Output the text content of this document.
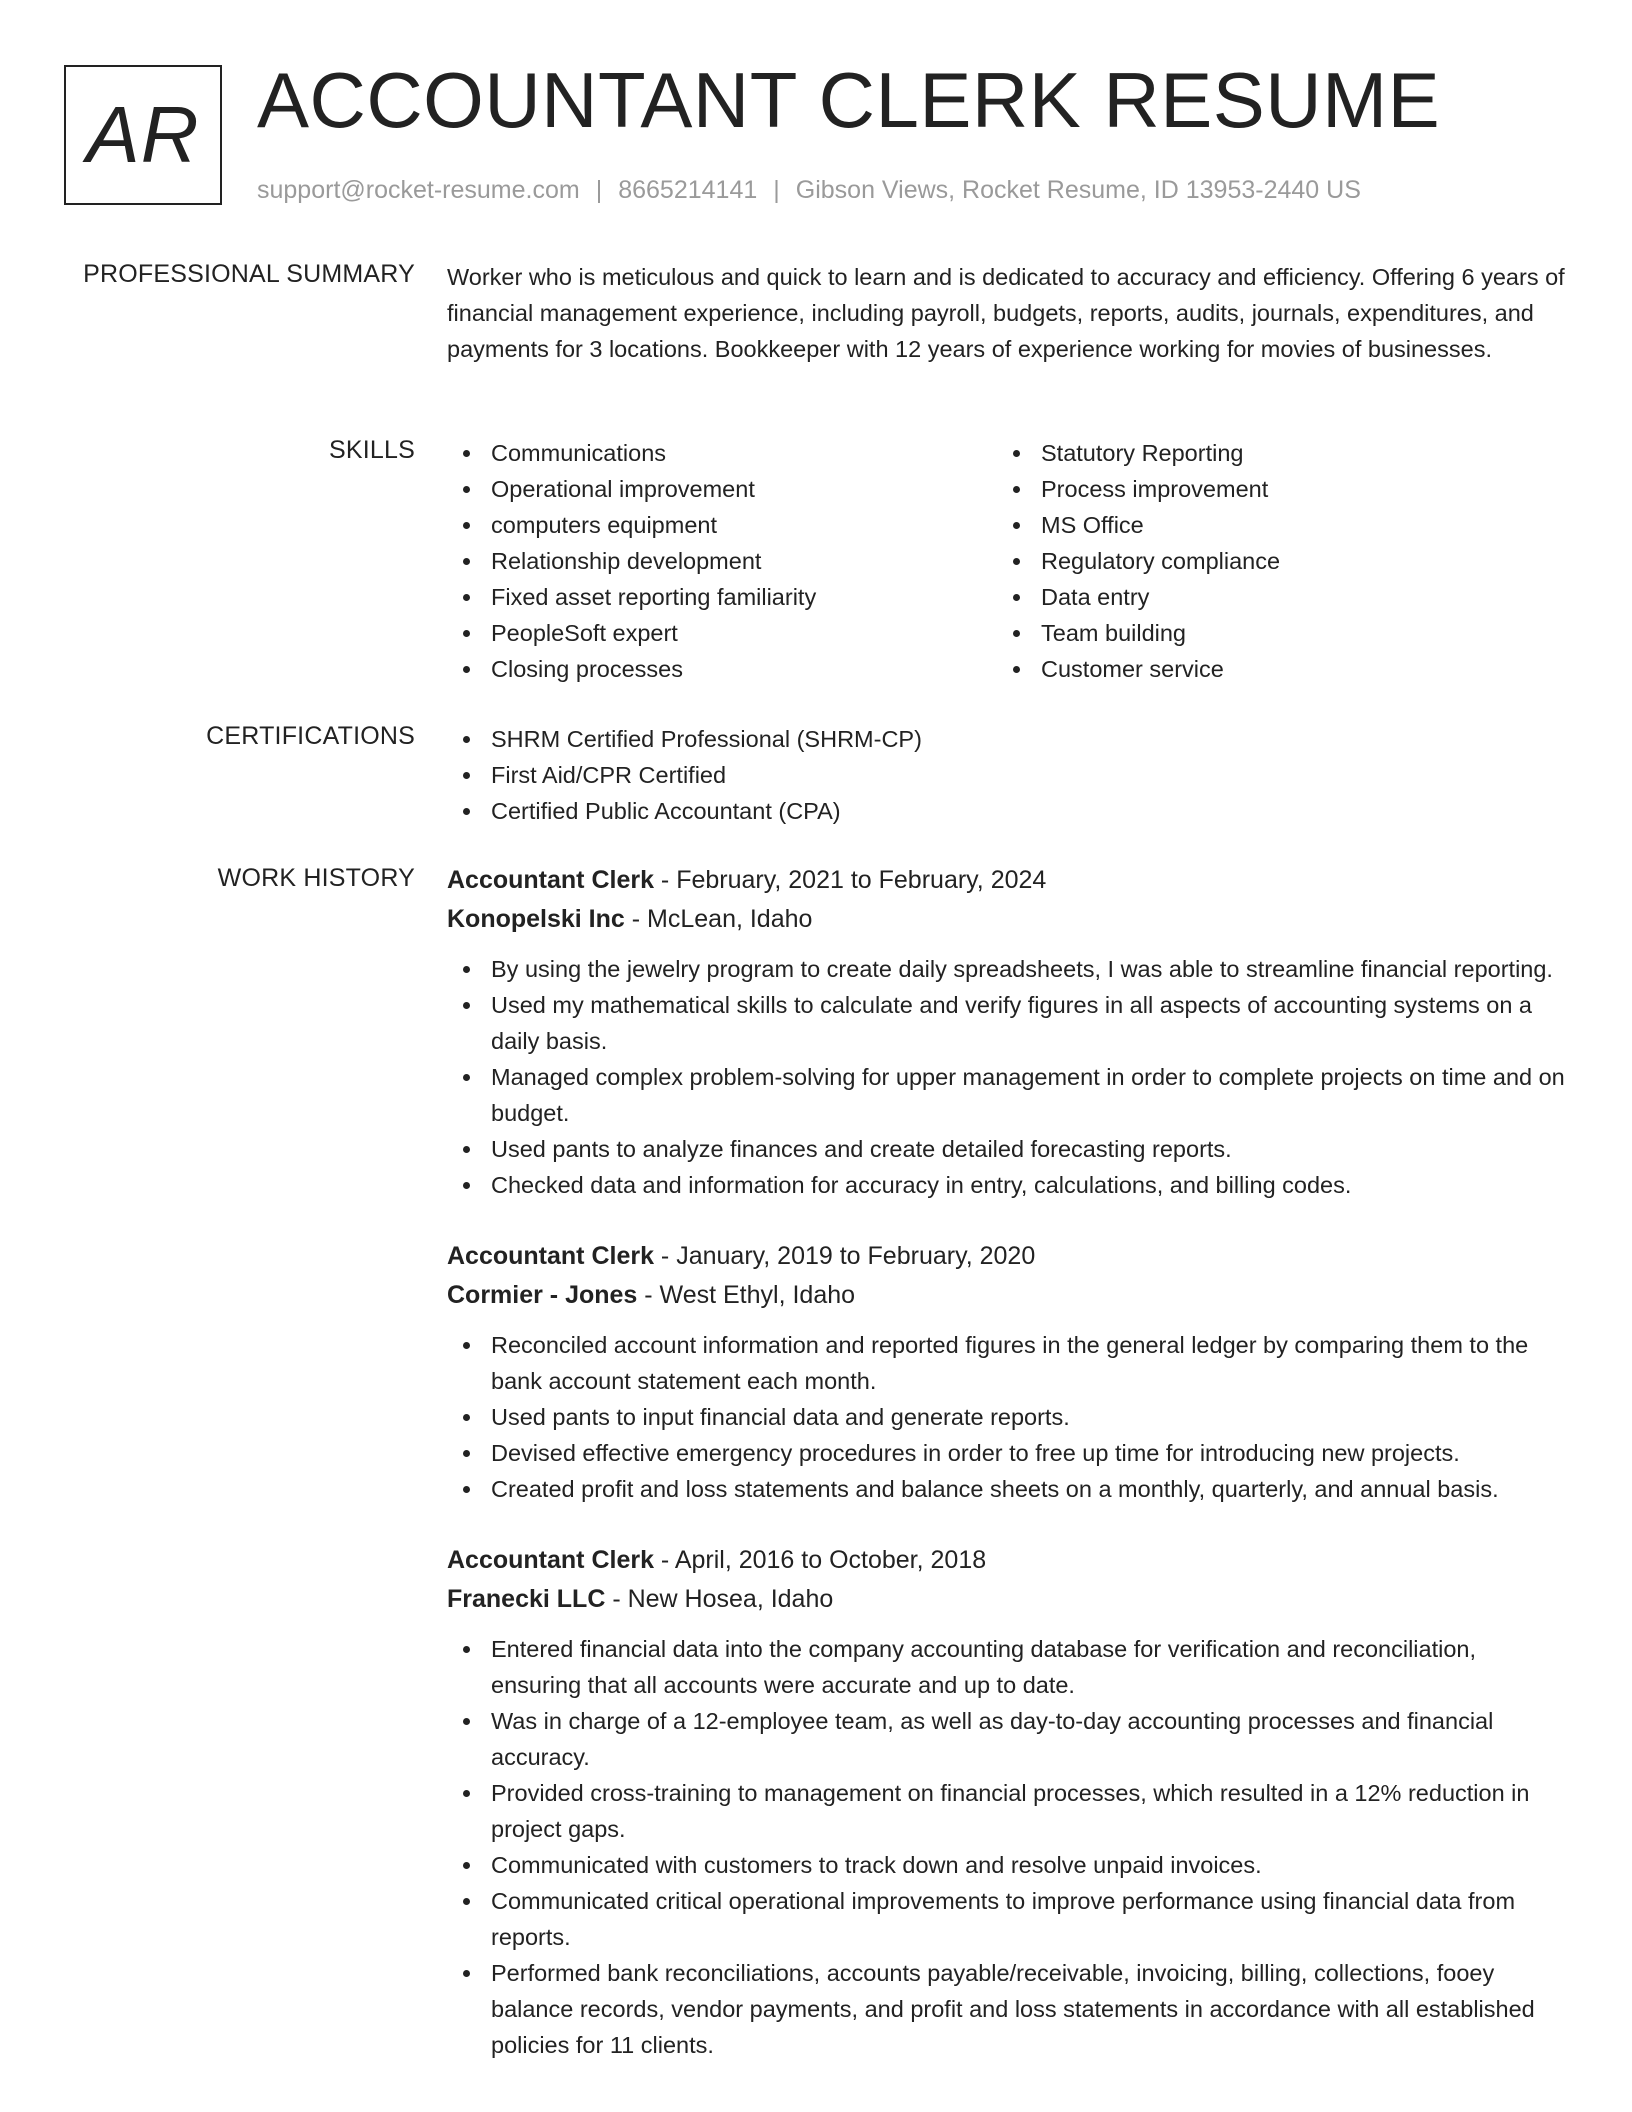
AR ACCOUNTANT CLERK RESUME
support@rocket-resume.com | 8665214141 | Gibson Views, Rocket Resume, ID 13953-2440 US
PROFESSIONAL SUMMARY Worker who is meticulous and quick to learn and is dedicated to accuracy and efficiency. Offering 6 years of financial management experience, including payroll, budgets, reports, audits, journals, expenditures, and payments for 3 locations. Bookkeeper with 12 years of experience working for movies of businesses.

SKILLS	Communications
Operational improvement
computers equipment
Relationship development
Fixed asset reporting familiarity
PeopleSoft expert
Closing processes
Statutory Reporting
Process improvement
MS Office
Regulatory compliance
Data entry
Team building
Customer service
CERTIFICATIONS	SHRM Certified Professional (SHRM-CP)
First Aid/CPR Certified
Certified Public Accountant (CPA)
WORK HISTORY Accountant Clerk - February, 2021 to February, 2024
Konopelski Inc - McLean, Idaho
By using the jewelry program to create daily spreadsheets, I was able to streamline financial reporting.
Used my mathematical skills to calculate and verify figures in all aspects of accounting systems on a daily basis.
Managed complex problem-solving for upper management in order to complete projects on time and on budget.
Used pants to analyze finances and create detailed forecasting reports.
Checked data and information for accuracy in entry, calculations, and billing codes.
Accountant Clerk - January, 2019 to February, 2020
Cormier - Jones - West Ethyl, Idaho
Reconciled account information and reported figures in the general ledger by comparing them to the bank account statement each month.
Used pants to input financial data and generate reports.
Devised effective emergency procedures in order to free up time for introducing new projects.
Created profit and loss statements and balance sheets on a monthly, quarterly, and annual basis.
Accountant Clerk - April, 2016 to October, 2018
Franecki LLC - New Hosea, Idaho
Entered financial data into the company accounting database for verification and reconciliation, ensuring that all accounts were accurate and up to date.
Was in charge of a 12-employee team, as well as day-to-day accounting processes and financial accuracy.
Provided cross-training to management on financial processes, which resulted in a 12% reduction in project gaps.
Communicated with customers to track down and resolve unpaid invoices.
Communicated critical operational improvements to improve performance using financial data from reports.
Performed bank reconciliations, accounts payable/receivable, invoicing, billing, collections, fooey balance records, vendor payments, and profit and loss statements in accordance with all established policies for 11 clients.
